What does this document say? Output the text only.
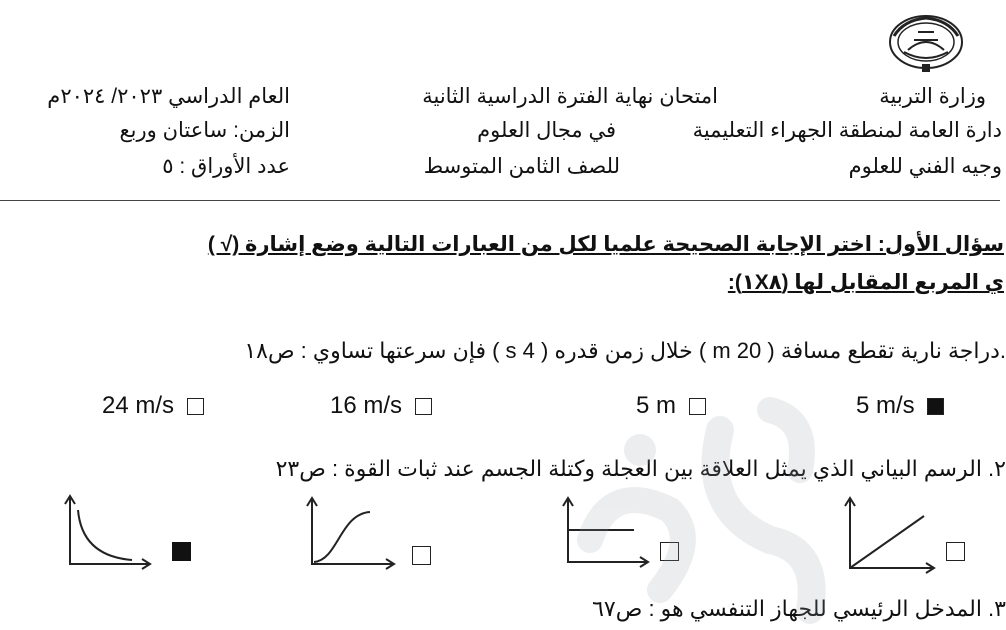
وزارة التربية
دارة العامة لمنطقة الجهراء التعليمية
وجيه الفني للعلوم
امتحان نهاية الفترة الدراسية الثانية
في مجال العلوم
للصف الثامن المتوسط
العام الدراسي ٢٠٢٣/ ٢٠٢٤م
الزمن: ساعتان وربع
عدد الأوراق : ٥
سؤال الأول: اختر الإجابة الصحيحة علميا لكل من العبارات التالية وضع إشارة (√ )
ي المربع المقابل لها (١X٨):
.دراجة نارية تقطع مسافة ( 20 m ) خلال زمن قدره ( 4 s ) فإن سرعتها تساوي : ص١٨
5 m/s
5 m
16 m/s
24 m/s
٢. الرسم البياني الذي يمثل العلاقة بين العجلة وكتلة الجسم عند ثبات القوة : ص٢٣
٣. المدخل الرئيسي للجهاز التنفسي هو : ص٦٧
